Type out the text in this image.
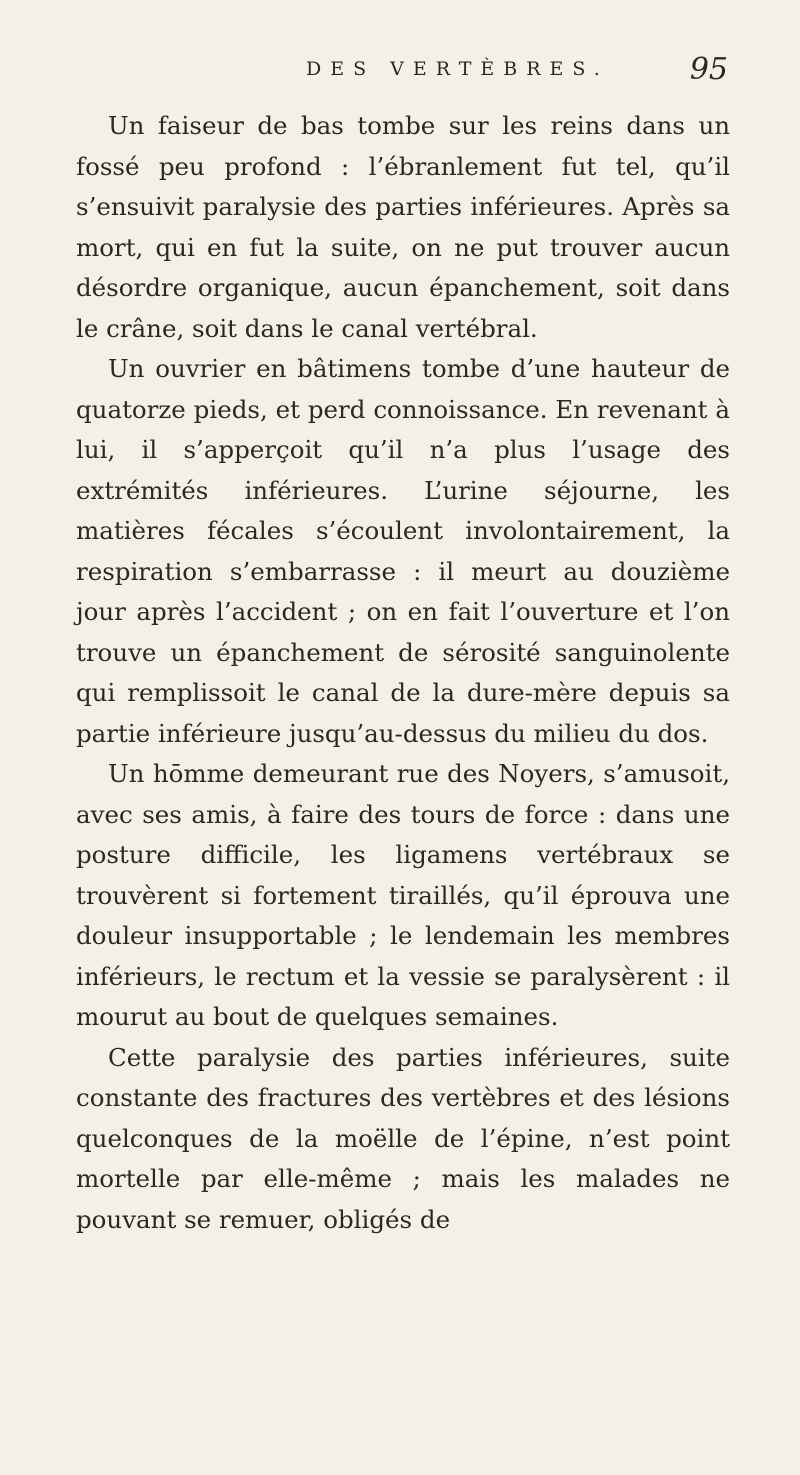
DES VERTÈBRES.	95

Un faiseur de bas tombe sur les reins dans un fossé peu profond : l’ébranlement fut tel, qu’il s’ensuivit paralysie des parties inférieures. Après sa mort, qui en fut la suite, on ne put trouver aucun désordre organique, aucun épanchement, soit dans le crâne, soit dans le canal vertébral.

Un ouvrier en bâtimens tombe d’une hauteur de quatorze pieds, et perd connoissance. En revenant à lui, il s’apperçoit qu’il n’a plus l’usage des extrémités inférieures. L’urine séjourne, les matières fécales s’écoulent involontairement, la respiration s’embarrasse : il meurt au douzième jour après l’accident ; on en fait l’ouverture et l’on trouve un épanchement de sérosité sanguinolente qui remplissoit le canal de la dure-mère depuis sa partie inférieure jusqu’au-dessus du milieu du dos.

Un hōmme demeurant rue des Noyers, s’amusoit, avec ses amis, à faire des tours de force : dans une posture difficile, les ligamens vertébraux se trouvèrent si fortement tiraillés, qu’il éprouva une douleur insupportable ; le lendemain les membres inférieurs, le rectum et la vessie se paralysèrent : il mourut au bout de quelques semaines.

Cette paralysie des parties inférieures, suite constante des fractures des vertèbres et des lésions quelconques de la moëlle de l’épine, n’est point mortelle par elle-même ; mais les malades ne pouvant se remuer, obligés de
